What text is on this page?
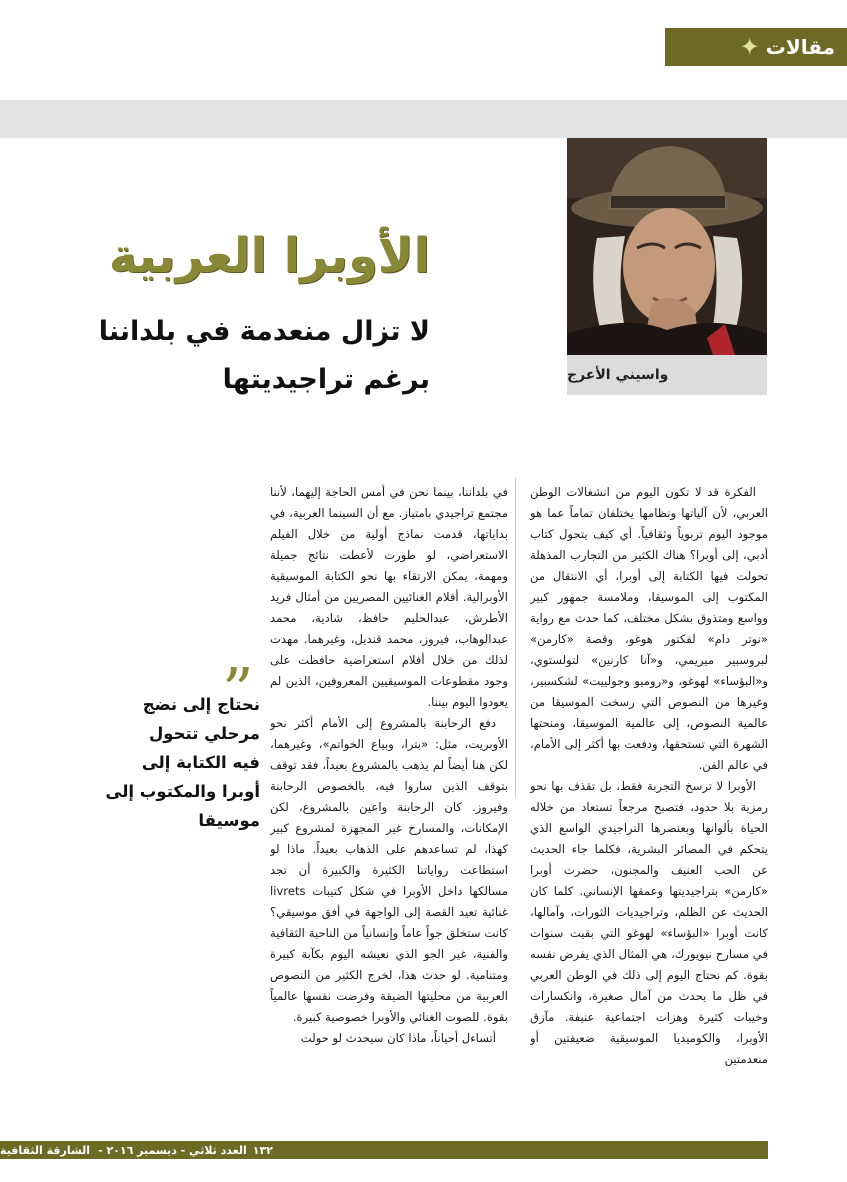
✦ مقالات
واسيني الأعرج
الأوبرا العربية
لا تزال منعدمة في بلداننا
برغم تراجيديتها

الفكرة قد لا تكون اليوم من انشغالات الوطن العربي، لأن آلياتها ونظامها يختلفان تماماً عما هو موجود اليوم تربوياً وثقافياً. أي كيف يتحول كتاب أدبي، إلى أوبرا؟ هناك الكثير من التجارب المذهلة تحولت فيها الكتابة إلى أوبرا، أي الانتقال من المكتوب إلى الموسيقا، وملامسة جمهور كبير وواسع ومتذوق بشكل مختلف، كما حدث مع رواية «نوتر دام» لفكتور هوغو، وقصة «كارمن» لبروسبير ميريمي، و«آنا كارنين» لتولستوي، و«البؤساء» لهوغو، و«روميو وجولييت» لشكسبير، وغيرها من النصوص التي رسخت الموسيقا من عالمية النصوص، إلى عالمية الموسيقا، ومنحتها الشهرة التي تستحقها، ودفعت بها أكثر إلى الأمام، في عالم الفن.

الأوبرا لا ترسخ التجربة فقط، بل تقذف بها نحو رمزية بلا حدود، فتصبح مرجعاً تستعاد من خلاله الحياة بألوانها وبعنصرها التراجيدي الواسع الذي يتحكم في المصائر البشرية، فكلما جاء الحديث عن الحب العنيف والمجنون، حضرت أوبرا «كارمن» بتراجيديتها وعمقها الإنساني. كلما كان الحديث عن الظلم، وتراجيديات الثورات، وآمالها، كانت أوبرا «البؤساء» لهوغو التي بقيت سنوات في مسارح نيويورك، هي المثال الذي يفرض نفسه بقوة. كم نحتاج اليوم إلى ذلك في الوطن العربي في ظل ما يحدث من آمال صغيرة، وانكسارات وخيبات كثيرة وهزات اجتماعية عنيفة. مآزق الأوبرا، والكوميديا الموسيقية ضعيفتين أو منعدمتين

في بلداننا، بينما نحن في أمس الحاجة إليهما، لأننا مجتمع تراجيدي بامتياز. مع أن السينما العربية، في بداياتها، قدمت نماذج أولية من خلال الفيلم الاستعراضي، لو طورت لأعطت نتائج جميلة ومهمة، يمكن الارتقاء بها نحو الكتابة الموسيقية الأوبرالية. أفلام الغنائيين المصريين من أمثال فريد الأطرش، عبدالحليم حافظ، شادية، محمد عبدالوهاب، فيروز، محمد قنديل، وغيرهما. مهدت لذلك من خلال أفلام استعراضية حافظت على وجود مقطوعات الموسيقيين المعروفين، الذين لم يعودوا اليوم بيننا.

دفع الرحابنة بالمشروع إلى الأمام أكثر نحو الأوبريت، مثل: «بترا، وبياع الخواتم»، وغيرهما، لكن هنا أيضاً لم يذهب بالمشروع بعيداً، فقد توقف بتوقف الذين ساروا فيه، بالخصوص الرحابنة وفيروز. كان الرحابنة واعين بالمشروع، لكن الإمكانات، والمسارح غير المجهزة لمشروع كبير كهذا، لم تساعدهم على الذهاب بعيداً. ماذا لو استطاعت رواياتنا الكثيرة والكبيرة أن تجد مسالكها داخل الأوبرا في شكل كتيبات livrets غنائية تعيد القصة إلى الواجهة في أفق موسيقي؟ كانت ستخلق جواً عاماً وإنسانياً من الناحية الثقافية والفنية، غير الجو الذي نعيشه اليوم بكآبة كبيرة ومتنامية. لو حدث هذا، لخرج الكثير من النصوص العربية من محليتها الضيقة وفرضت نفسها عالمياً بقوة. للصوت الغنائي والأوبرا خصوصية كبيرة.

أتساءل أحياناً، ماذا كان سيحدث لو حولت

”
نحتاج إلى نضج
مرحلي تتحول
فيه الكتابة إلى
أوبرا والمكتوب إلى
موسيقا
١٣٢
العدد ثلاثي - ديسمبر ٢٠١٦ -
الشارقة الثقافية
